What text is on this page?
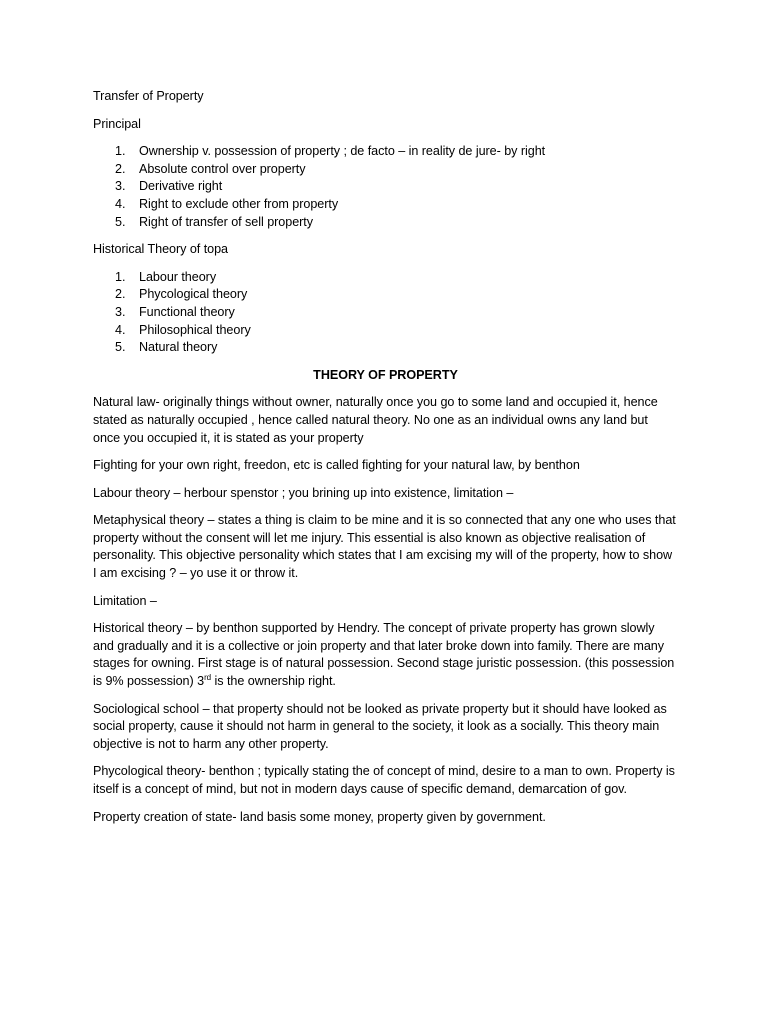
Transfer of Property

Principal

1. Ownership v. possession of property ; de facto – in reality de jure- by right
2. Absolute control over property
3. Derivative right
4. Right to exclude other from property
5. Right of transfer of sell property

Historical Theory of topa

1. Labour theory
2. Phycological theory
3. Functional theory
4. Philosophical theory
5. Natural theory

THEORY OF PROPERTY

Natural law- originally things without owner, naturally once you go to some land and occupied it, hence stated as naturally occupied , hence called natural theory. No one as an individual owns any land but once you occupied it, it is stated as your property

Fighting for your own right, freedon, etc is called fighting for your natural law, by benthon

Labour theory – herbour spenstor ; you brining up into existence, limitation –

Metaphysical theory – states a thing is claim to be mine and it is so connected that any one who uses that property without the consent will let me injury. This essential is also known as objective realisation of personality. This objective personality which states that I am excising my will of the property, how to show I am excising ? – yo use it or throw it.

Limitation –

Historical theory – by benthon supported by Hendry. The concept of private property has grown slowly and gradually and it is a collective or join property and that later broke down into family. There are many stages for owning. First stage is of natural possession. Second stage juristic possession. (this possession is 9% possession) 3rd is the ownership right.

Sociological school – that property should not be looked as private property but it should have looked as social property, cause it should not harm in general to the society, it look as a socially. This theory main objective is not to harm any other property.

Phycological theory- benthon ; typically stating the of concept of mind, desire to a man to own. Property is itself is a concept of mind, but not in modern days cause of specific demand, demarcation of gov.

Property creation of state- land basis some money, property given by government.
